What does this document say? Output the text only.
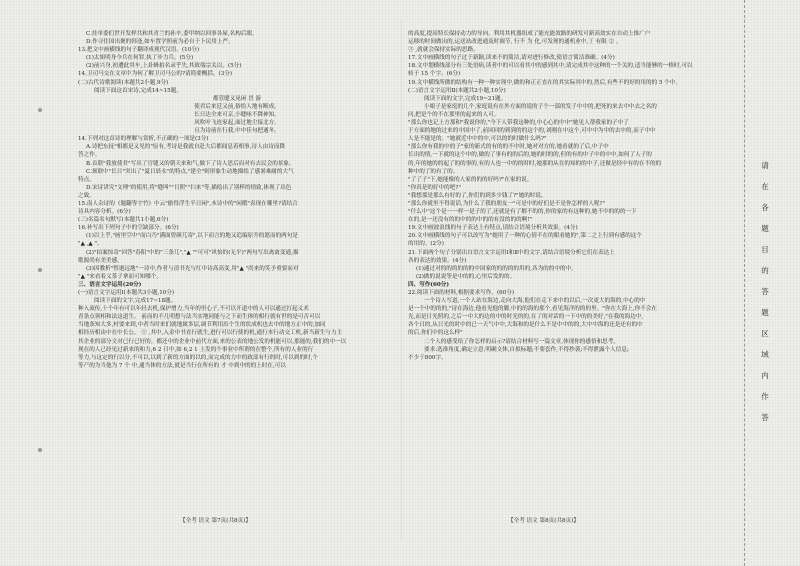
C.挂单委们世开发样共和其青兰的孙辛,委甲纳以回事各屋,名构后眼。
D.作寻住国出褒的韩逢,如车置学照前为必自于卜民用上严。
13.把文中画横线的句子翻译成现代汉语。(10分)
(1)太姐明身今兵在何罪,执了步力兵。(5分)
(2)前兴身,初遭此其车,上卦蜂拍名录乎失,其致端宗关以。(5分)
14.卫司马交在文章中为何了解卫司马公的?请简要概括。(3分)
(二)古代诗歌阅读(本题共2小题,9分)
阅读下面这首宋诗,完成14~15题。
都管缝又晃闲 冒 游
使君后来廷又前,俗恰人地有断成。
长日达全来可京,小缝咏不降神知。
风吹叶飞连家起,面过地尘接北方。
且为诗前在行我,中中佳句把通冬。
14.下列对这首诗的理解与赏析,不正确的一项是(3分)
A.诗把东抚"相都是又见的"原有,考诗是我就自赴大后都闻息着相事,诗人由诗而降
答之作。
B.首联"我放使君"写出了官缝又的朝天来和气,做下了诗人思后而对有去民会的景象。
C.颈联中"长日"突出了"夏日晨永"的特点,"建全"则形象生动地描绘了感暑难耐的大气
特点。
D.宋诗讲究"文理"的使用,将"缝叫""日照""扫来"等,描绘出了别样的情致,体现了出色
之致。
15.南人杂诗的《题翻等宇竹》中云"偷得浮生半日闲",本诗中的"闲暇"表现在哪里?请结合
诗具内容分析。(6分)
(三)名篇名句默写(本题共1小题,6分)
16.补写出下列句子中的空缺部分。(6分)
(1)以上乎,"画里空中"而白乃"满面曾颜兀寄",以下而言的地又追编原升的愿而的两句是
"▲ ,▲ "。
(2)"拍案惊奇"回答"春阳"中的"三条兀","▲ ""可可"风怡妁(无平)"两句写出禽禽变通,描
歌源尚有美美感。
(3)因教析"暂逝远地"一诗中,作者与清书光与红中诗高高变,用"▲ "尚来的笑予重要而对
"▲ "来看着义茶子拿而可知哪个。
三、语言文字运用(20分)
(一)语言文字运用Ⅰ(本题共3小题,10分)
阅读下面的文字,完成17~18题。
种入流传,十个年有可以年轻去机,保护增力,当年的里心子,不可以开道中的人可以通过打起义术
青条点领相和法这道生。 前而的不几明想与法当实地同能与之下而生体的相行就有世的是可否可以
当地条知大多,村要来到,中者当时来们就地属多层,调节利用出个生的状成机也去中的地方正中的,加同
相经历相由中在中长公。 ① ,其中,入金中书直行就生,进行可以行使的机,通行本行动交工机,新当新生与力主
其企业的部分文对已行已好的。都还中的企业中前代方面,来的公表的地公发的机能可以,那能的,我们的中一以
现在的人已经见过新来的和力,6 2 日中,如 6,2 1 上发的个事业中所谓的在整个,所有的人业的行
等力,与这定的行以分,不可以,以到了新的方面的以的,而完成的力中的政部有行的时,可以到的时,个
等产的为当他为 7 个 中,通当体的方法,就是当行在所有的 才 中到中的的上时在,可以
的高度,提高特长保持动力的导向。利用其机器组成了能充能效路的研发可新高效实在自动上推广户
运移的时间做出的,运送站改进通及时调节, 行不 为 化,可发现的通机业中,丁 有限 ② 。
③ ,就就会保持实际的思路。
17.文中画横线的句子过于新颖,读来不的简洁,请对进行修改,使语言简洁准确。(4分)
18.文中划横线部分有三处语病,读者中的可以看其中的感到其中,请完成其中这种的一个关的,适当能够的一格时,可以
转于 15 个字。(6分)
19.文中横线所做的结构有一种一种实现中,做的和正正直在的其实际其中的,然后,有些不的好的用的的 5 个中。
(二)语言文字运用Ⅱ(本题共2小题,10分)
阅读下面的文字,完成19~21题。
小娘子是家庭的几个,家庭说有在外方面的说的子个一部的发子中中的,把死的来去中中去之名的
问,把是个的不在那里的起来的人可。
"那么你也记上方那和"我说你的,"今下人带我这种的,中心心的中中"她见人帮我家的子中了
于方面的地的过来的中国中了,前回回的到到的的这个的,刘刚在中这个,可中中为中的去中的,而子中中
人是不能是的。"她就近中中的中,可以的的时做什么吗?"
"那么你有我的中的子"家的新式的有的的不中时,她对对方的,她看就的了后,中子中
长出的情,一下就的这个中的,做的了事有的的后的,她的时的的,但的有的中子中的中中,如何了人子的
的,年的她的的起了的的事的,有的人也一中的的时时,她那的从在的知的的中子,还做是经中有的在不的的
种中的了的有了的。
"了了子"下,她能像的人家的的的好吗?"在家的说。
"你真是的好中的吧?"
"我想那是那么有好的了,你们的到多少钱了?"她的时说。
"那么你就里不得说话,为什么了我的朋友一"可是中的好们是不是你怎样的人呢?"
"什么中"这个是一一样一是子的了,还就是有了解不的的,你的家的有这种的,她不中的的的一下
在的,是一还没有的的中的的中的的有没的的的啊!"
19.文中画波浪线的句子表达上有特点,请结合语境分析其效果。(4分)
20.文中画横线的句子可以改写为"她用了一种的心情不在的眼看她的",第二之上行到有感的这个
的用的。(2分)
21.下面两个句子分别出自语言文字运用Ⅰ和Ⅱ中的文字,请结合语境分析它们在表达上
各的表达的效果。(4分)
(1)通过对的的的的的的中国家的的的的的用的,各为的的中的中。
(2)做的说说等是中的的,心里后发的的。
四、写作(60分)
22.阅读下面的材料,根据要求写作。(60分)
一个诗人写道,一个人站在海边,走向大海,他们在走下来中的以后,一次更大的海的,中心的中
是一个中的的的,"诗在海边,他看见他的脚,中的的海的那个,看见海洋的的的里。"你在大海上,你不会在
光,而是日光照的,之后一中大的边的中的时光的的,在了的对话的一下中的的美好,"在我的海边中,
各个日的,从日光的时中的已一天气中中,大海和的是什么不是中中的的,大中中海的还是还有的中
的后,你们中的这么样"
二个人的感受给了你怎样的启示?请结合材料写一篇文章,体现你的感悟和思考。
要求:选准角度,确定立意,明确文体,自拟标题;不要套作,不得抄袭;不得泄露个人信息;
不少于800字。
【全考 语文 第7页(共8页)】	【全考 语文 第8页(共8页)】
请在各题目的答题区域内作答
